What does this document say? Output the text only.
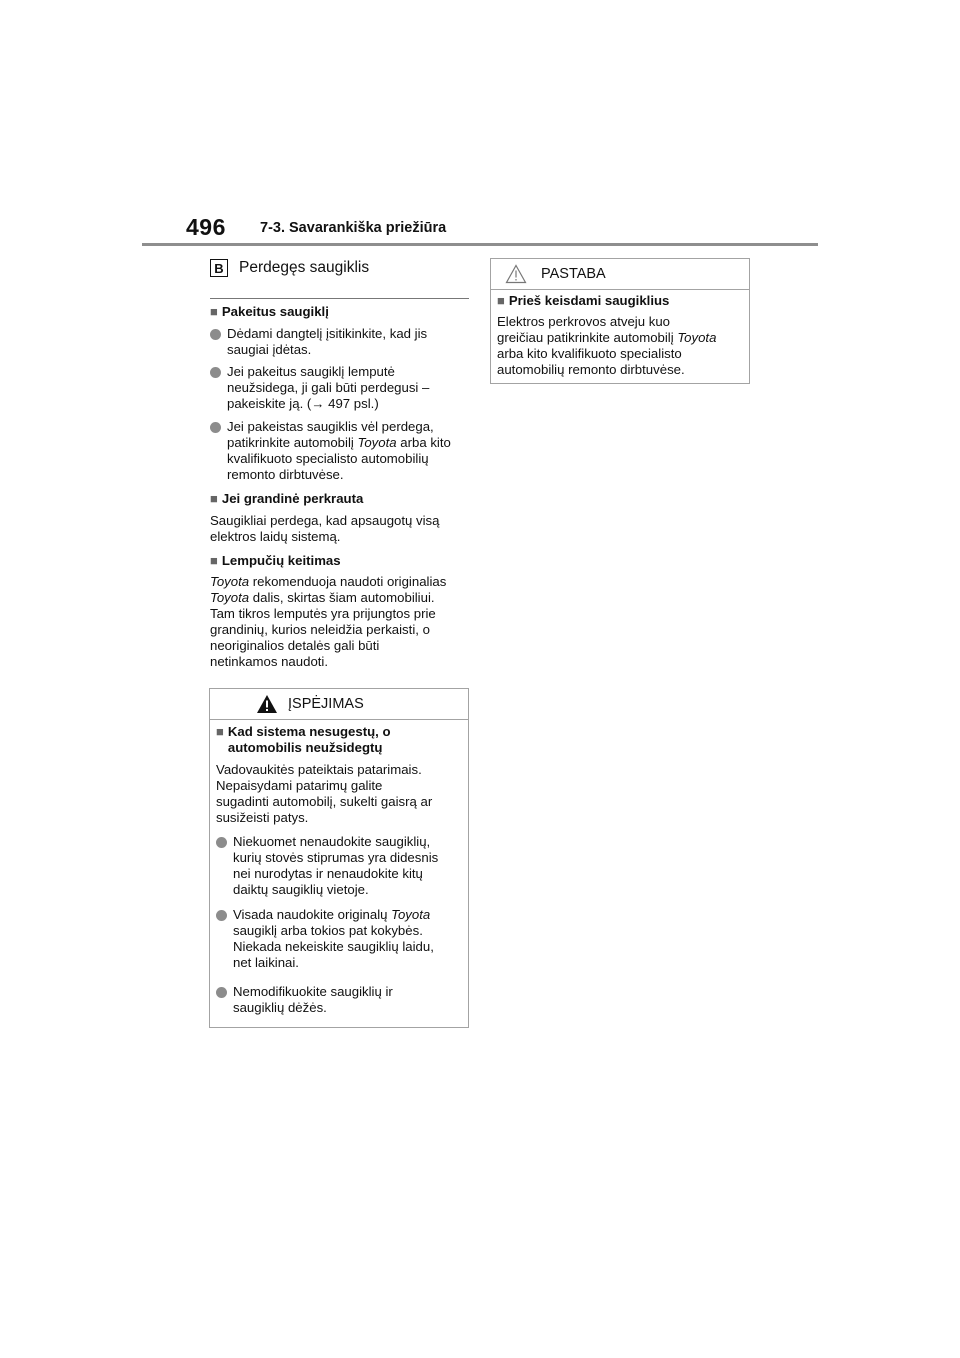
496 7-3. Savarankiška priežiūra
B Perdegęs saugiklis
■ Pakeitus saugiklį
Dėdami dangtelį įsitikinkite, kad jis
saugiai įdėtas.
Jei pakeitus saugiklį lemputė
neužsidega, ji gali būti perdegusi –
pakeiskite ją. (→ 497 psl.)
Jei pakeistas saugiklis vėl perdega,
patikrinkite automobilį Toyota arba kito
kvalifikuoto specialisto automobilių
remonto dirbtuvėse.
■ Jei grandinė perkrauta
Saugikliai perdega, kad apsaugotų visą
elektros laidų sistemą.
■ Lempučių keitimas
Toyota rekomenduoja naudoti originalias
Toyota dalis, skirtas šiam automobiliui.
Tam tikros lemputės yra prijungtos prie
grandinių, kurios neleidžia perkaisti, o
neoriginalios detalės gali būti
netinkamos naudoti.
ĮSPĖJIMAS
■ Kad sistema nesugestų, o
automobilis neužsidegtų
Vadovaukitės pateiktais patarimais.
Nepaisydami patarimų galite
sugadinti automobilį, sukelti gaisrą ar
susižeisti patys.
Niekuomet nenaudokite saugiklių,
kurių stovės stiprumas yra didesnis
nei nurodytas ir nenaudokite kitų
daiktų saugiklių vietoje.
Visada naudokite originalų Toyota
saugiklį arba tokios pat kokybės.
Niekada nekeiskite saugiklių laidu,
net laikinai.
Nemodifikuokite saugiklių ir
saugiklių dėžės.
PASTABA
■ Prieš keisdami saugiklius
Elektros perkrovos atveju kuo
greičiau patikrinkite automobilį Toyota
arba kito kvalifikuoto specialisto
automobilių remonto dirbtuvėse.
